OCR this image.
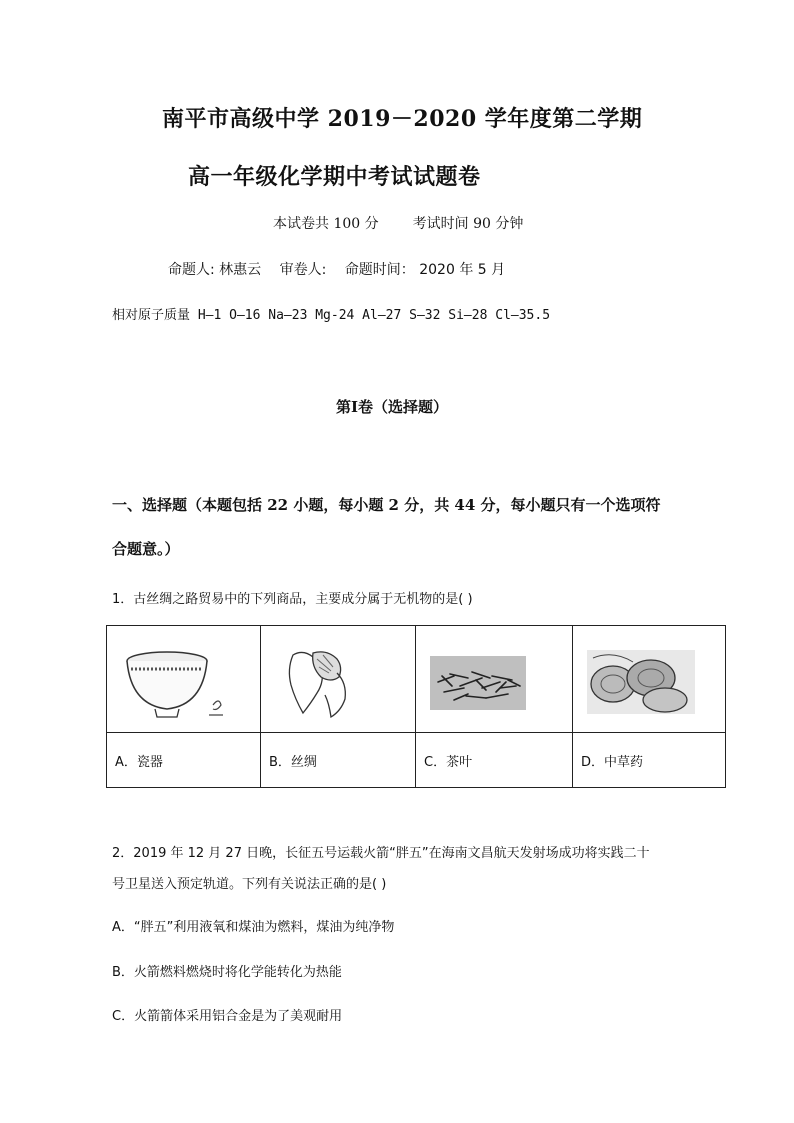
南平市高级中学 2019－2020 学年度第二学期
高一年级化学期中考试试题卷
本试卷共 100 分 考试时间 90 分钟
命题人: 林惠云 审卷人: 命题时间： 2020 年 5 月
相对原子质量 H—1 O—16 Na—23 Mg-24 Al—27 S—32 Si—28 Cl—35.5
第Ⅰ卷（选择题）
一、选择题（本题包括 22 小题，每小题 2 分，共 44 分，每小题只有一个选项符
合题意。）
1．古丝绸之路贸易中的下列商品，主要成分属于无机物的是( )

A．瓷器	B．丝绸	C．茶叶	D．中草药
2．2019 年 12 月 27 日晚，长征五号运载火箭“胖五”在海南文昌航天发射场成功将实践二十
号卫星送入预定轨道。下列有关说法正确的是( )
A．“胖五”利用液氧和煤油为燃料，煤油为纯净物
B．火箭燃料燃烧时将化学能转化为热能
C．火箭箭体采用铝合金是为了美观耐用
